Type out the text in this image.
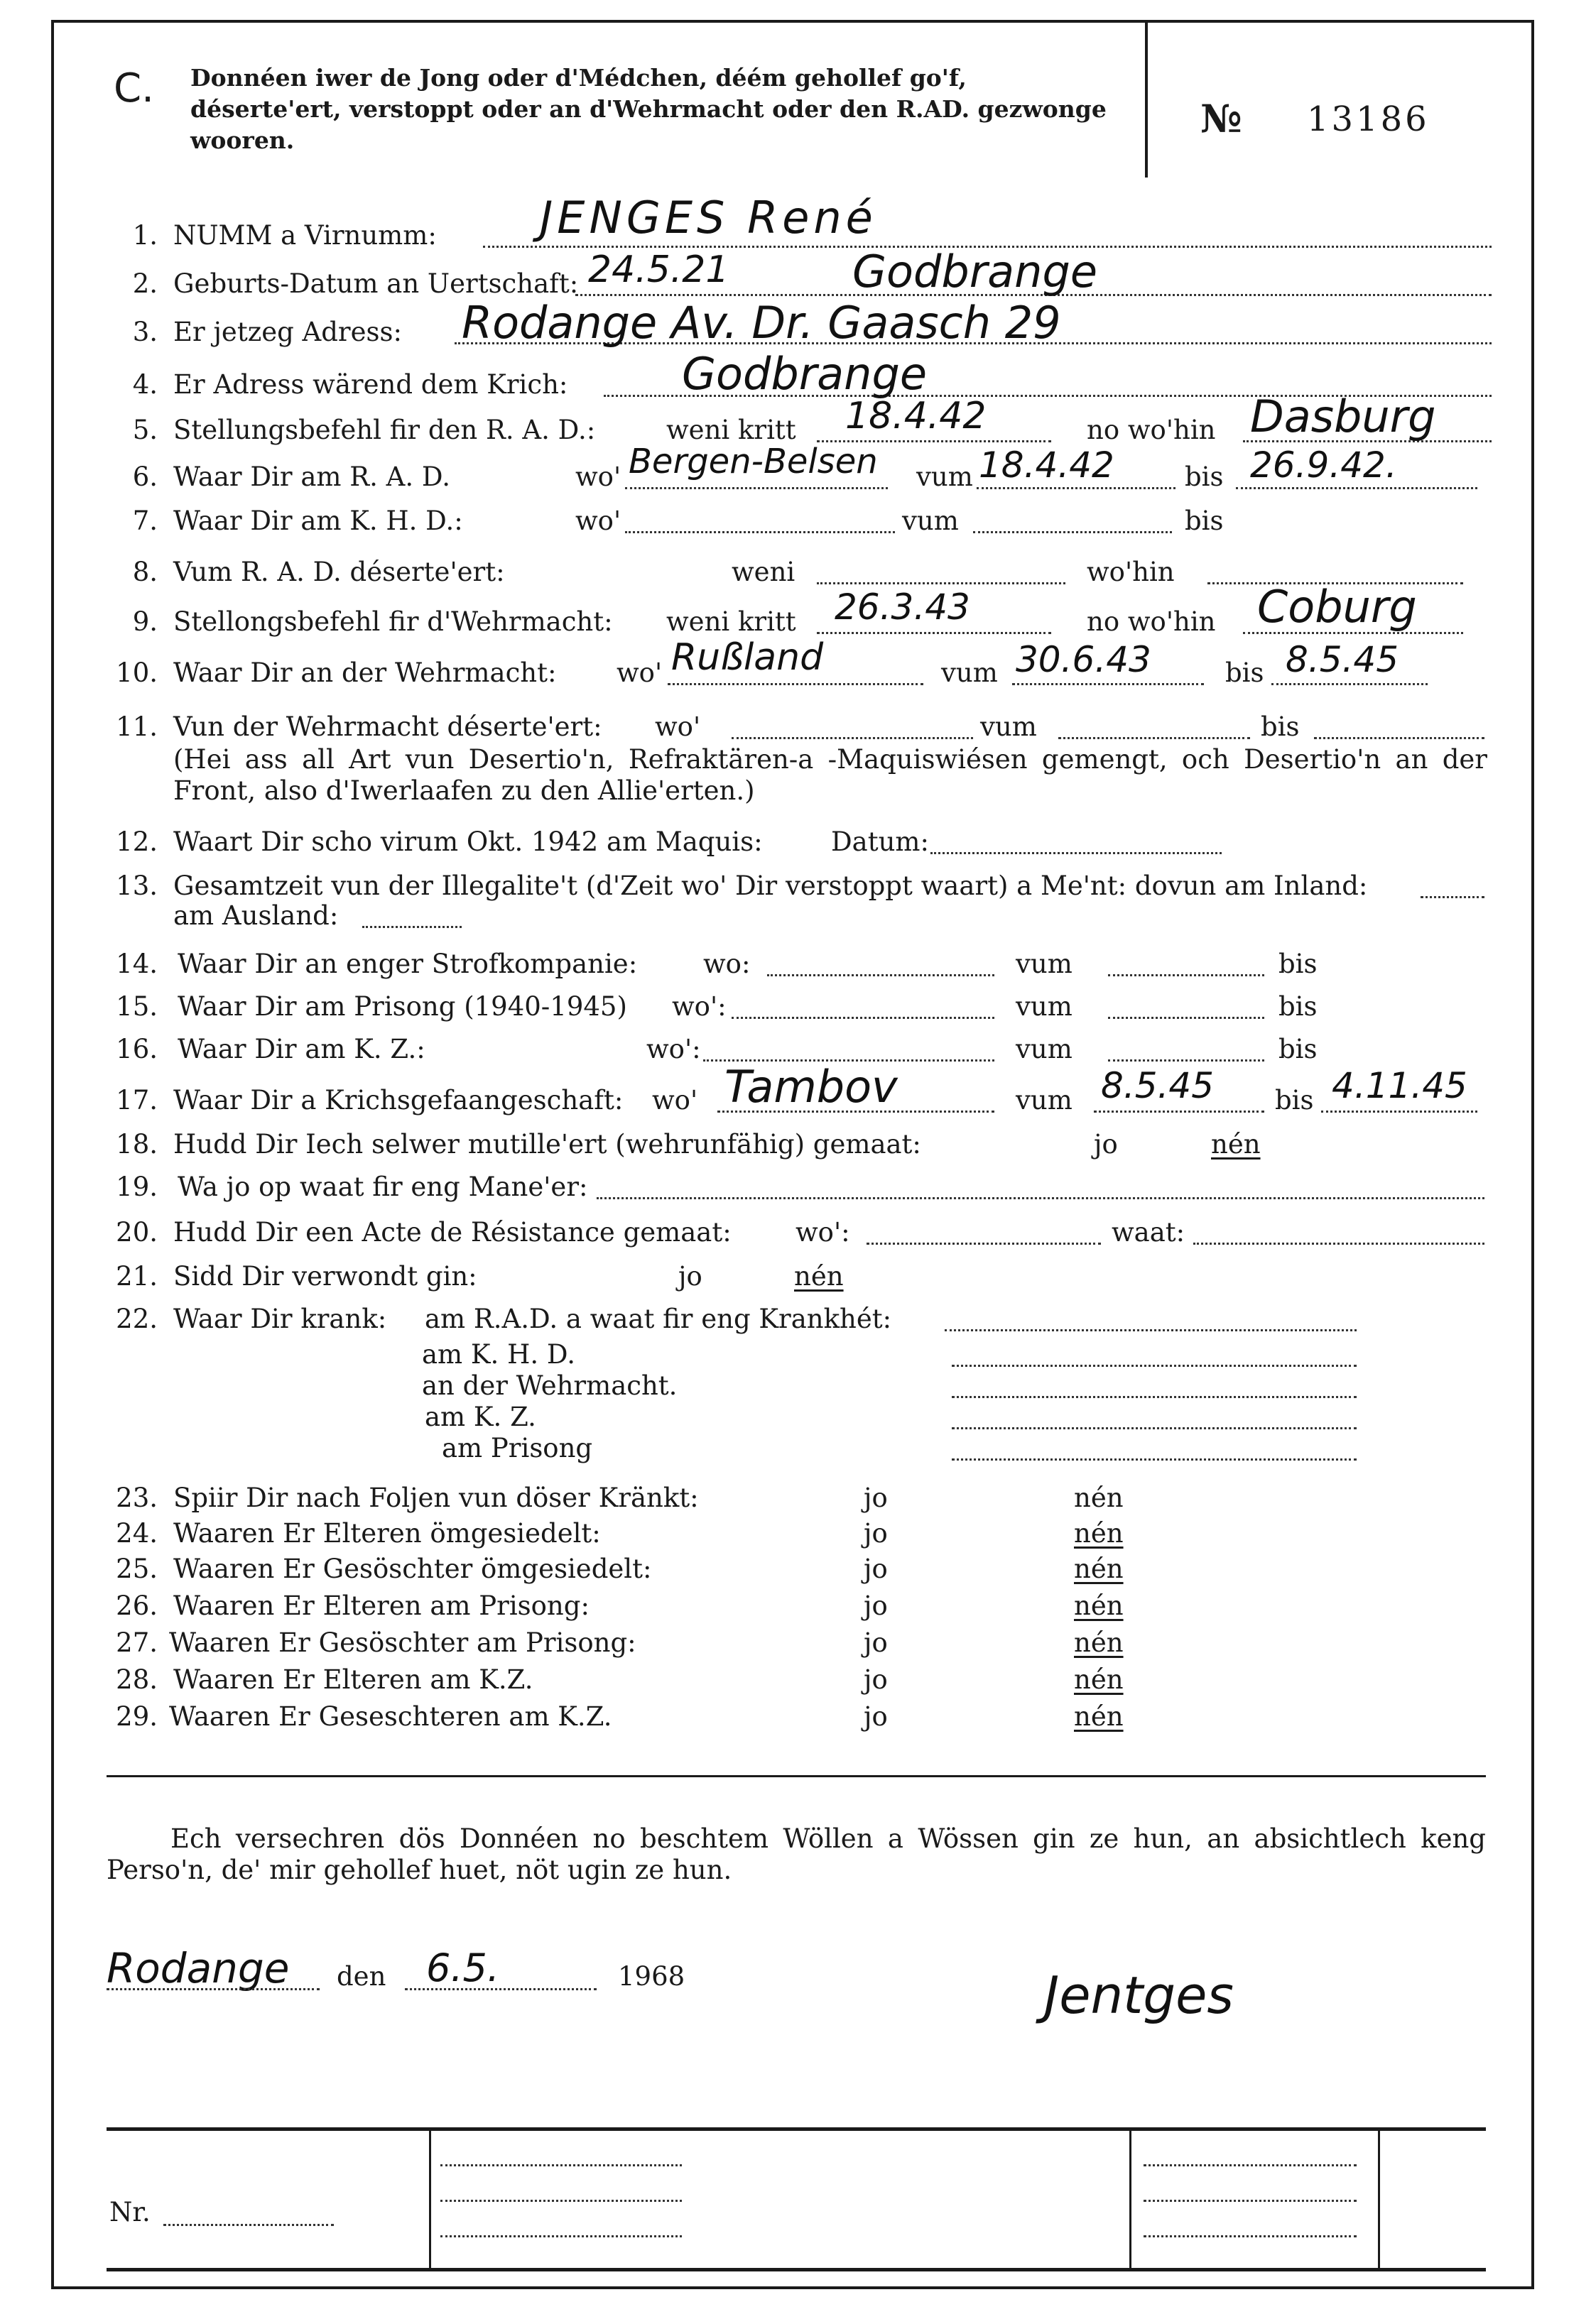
C. Donnéen iwer de Jong oder d'Médchen, déém gehollef go'f, déserte'ert, verstoppt oder an d'Wehrmacht oder den R.AD. gezwonge wooren.	№ 13186
1. NUMM a Virnumm: JENGES René
2. Geburts-Datum an Uertschaft: 24.5.21	Godbrange
3. Er jetzeg Adress: Rodange Av. Dr. Gaasch 29
4. Er Adress wärend dem Krich:	Godbrange
5. Stellungsbefehl fir den R. A. D.:	weni kritt 18.4.42	no wo'hin Dasburg
6. Waar Dir am R. A. D.	wo' Bergen-Belsen vum 18.4.42	bis 26.9.42.
7. Waar Dir am K. H. D.:	wo'	vum	bis
8. Vum R. A. D. déserte'ert:	weni	wo'hin
9. Stellongsbefehl fir d'Wehrmacht: weni kritt 26.3.43	no wo'hin Coburg
10. Waar Dir an der Wehrmacht: wo' Rußland	vum 30.6.43	bis 8.5.45
11. Vun der Wehrmacht déserte'ert: wo'	vum	bis
(Hei ass all Art vun Desertio'n, Refraktären-a -Maquiswiésen gemengt, och Desertio'n an der Front, also d'Iwerlaafen zu den Allie'erten.)
12. Waart Dir scho virum Okt. 1942 am Maquis:	Datum:
13. Gesamtzeit vun der Illegalite't (d'Zeit wo' Dir verstoppt waart) a Me'nt: dovun am Inland:
am Ausland:
14. Waar Dir an enger Strofkompanie:	wo:	vum	bis
15. Waar Dir am Prisong (1940-1945) wo':	vum	bis
16. Waar Dir am K. Z.:	wo':	vum	bis
17. Waar Dir a Krichsgefaangeschaft: wo' Tambov	vum 8.5.45 bis 4.11.45
18. Hudd Dir Iech selwer mutille'ert (wehrunfähig) gemaat:	jo	nén
19. Wa jo op waat fir eng Mane'er:
20. Hudd Dir een Acte de Résistance gemaat: wo':	waat:
21. Sidd Dir verwondt gin:	jo	nén
22. Waar Dir krank: am R.A.D. a waat fir eng Krankhét:
am K. H. D.
an der Wehrmacht.
am K. Z.
am Prisong
23. Spiir Dir nach Foljen vun döser Kränkt:	jo	nén
24. Waaren Er Elteren ömgesiedelt:	jo	nén
25. Waaren Er Gesöschter ömgesiedelt:	jo	nén
26. Waaren Er Elteren am Prisong:	jo	nén
27. Waaren Er Gesöschter am Prisong:	jo	nén
28. Waaren Er Elteren am K.Z.	jo	nén
29. Waaren Er Geseschteren am K.Z.	jo	nén
Ech versechren dös Donnéen no beschtem Wöllen a Wössen gin ze hun, an absichtlech keng Perso'n, de' mir gehollef huet, nöt ugin ze hun.
Rodange den 6.5.	1968	Jentges
Nr.
